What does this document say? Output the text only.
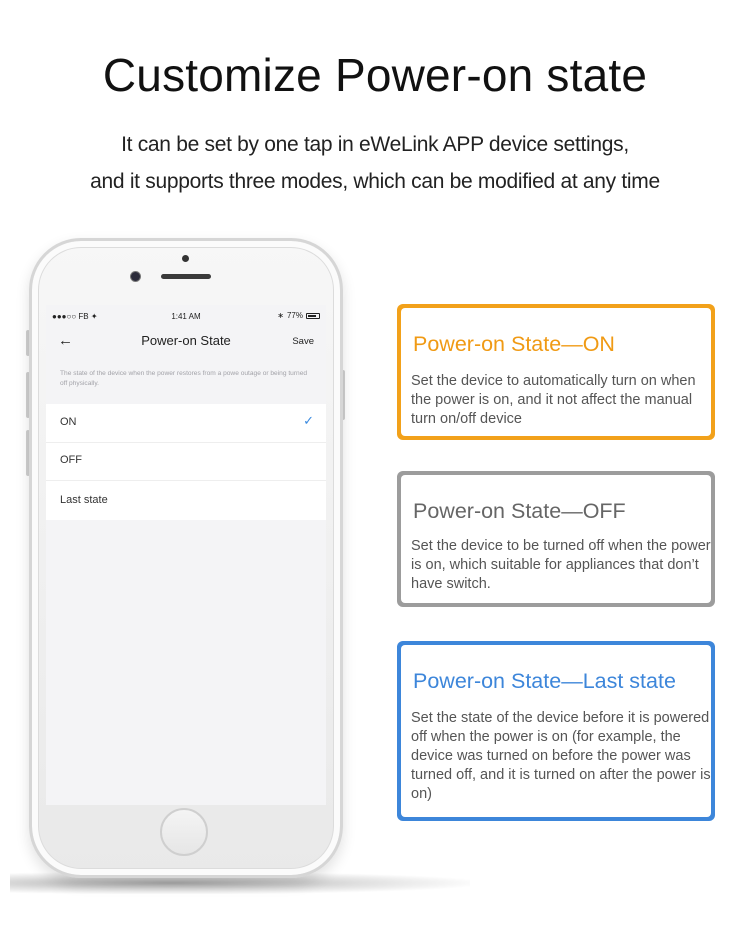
Customize Power-on state
It can be set by one tap in eWeLink APP device settings,
and it supports three modes, which can be modified at any time
●●●○○ FB ✦	1:41 AM	∗ 77%
←	Power-on State	Save
The state of the device when the power restores from a powe outage or being turned off physically.
ON	✓
OFF
Last state
Power-on State—ON
Set the device to automatically turn on when the power is on, and it not affect the manual turn on/off device
Power-on State—OFF
Set the device to be turned off when the power is on, which suitable for appliances that don’t have switch.
Power-on State—Last state
Set the state of the device before it is powered off when the power is on (for example, the device was turned on before the power was turned off, and it is turned on after the power is on)
